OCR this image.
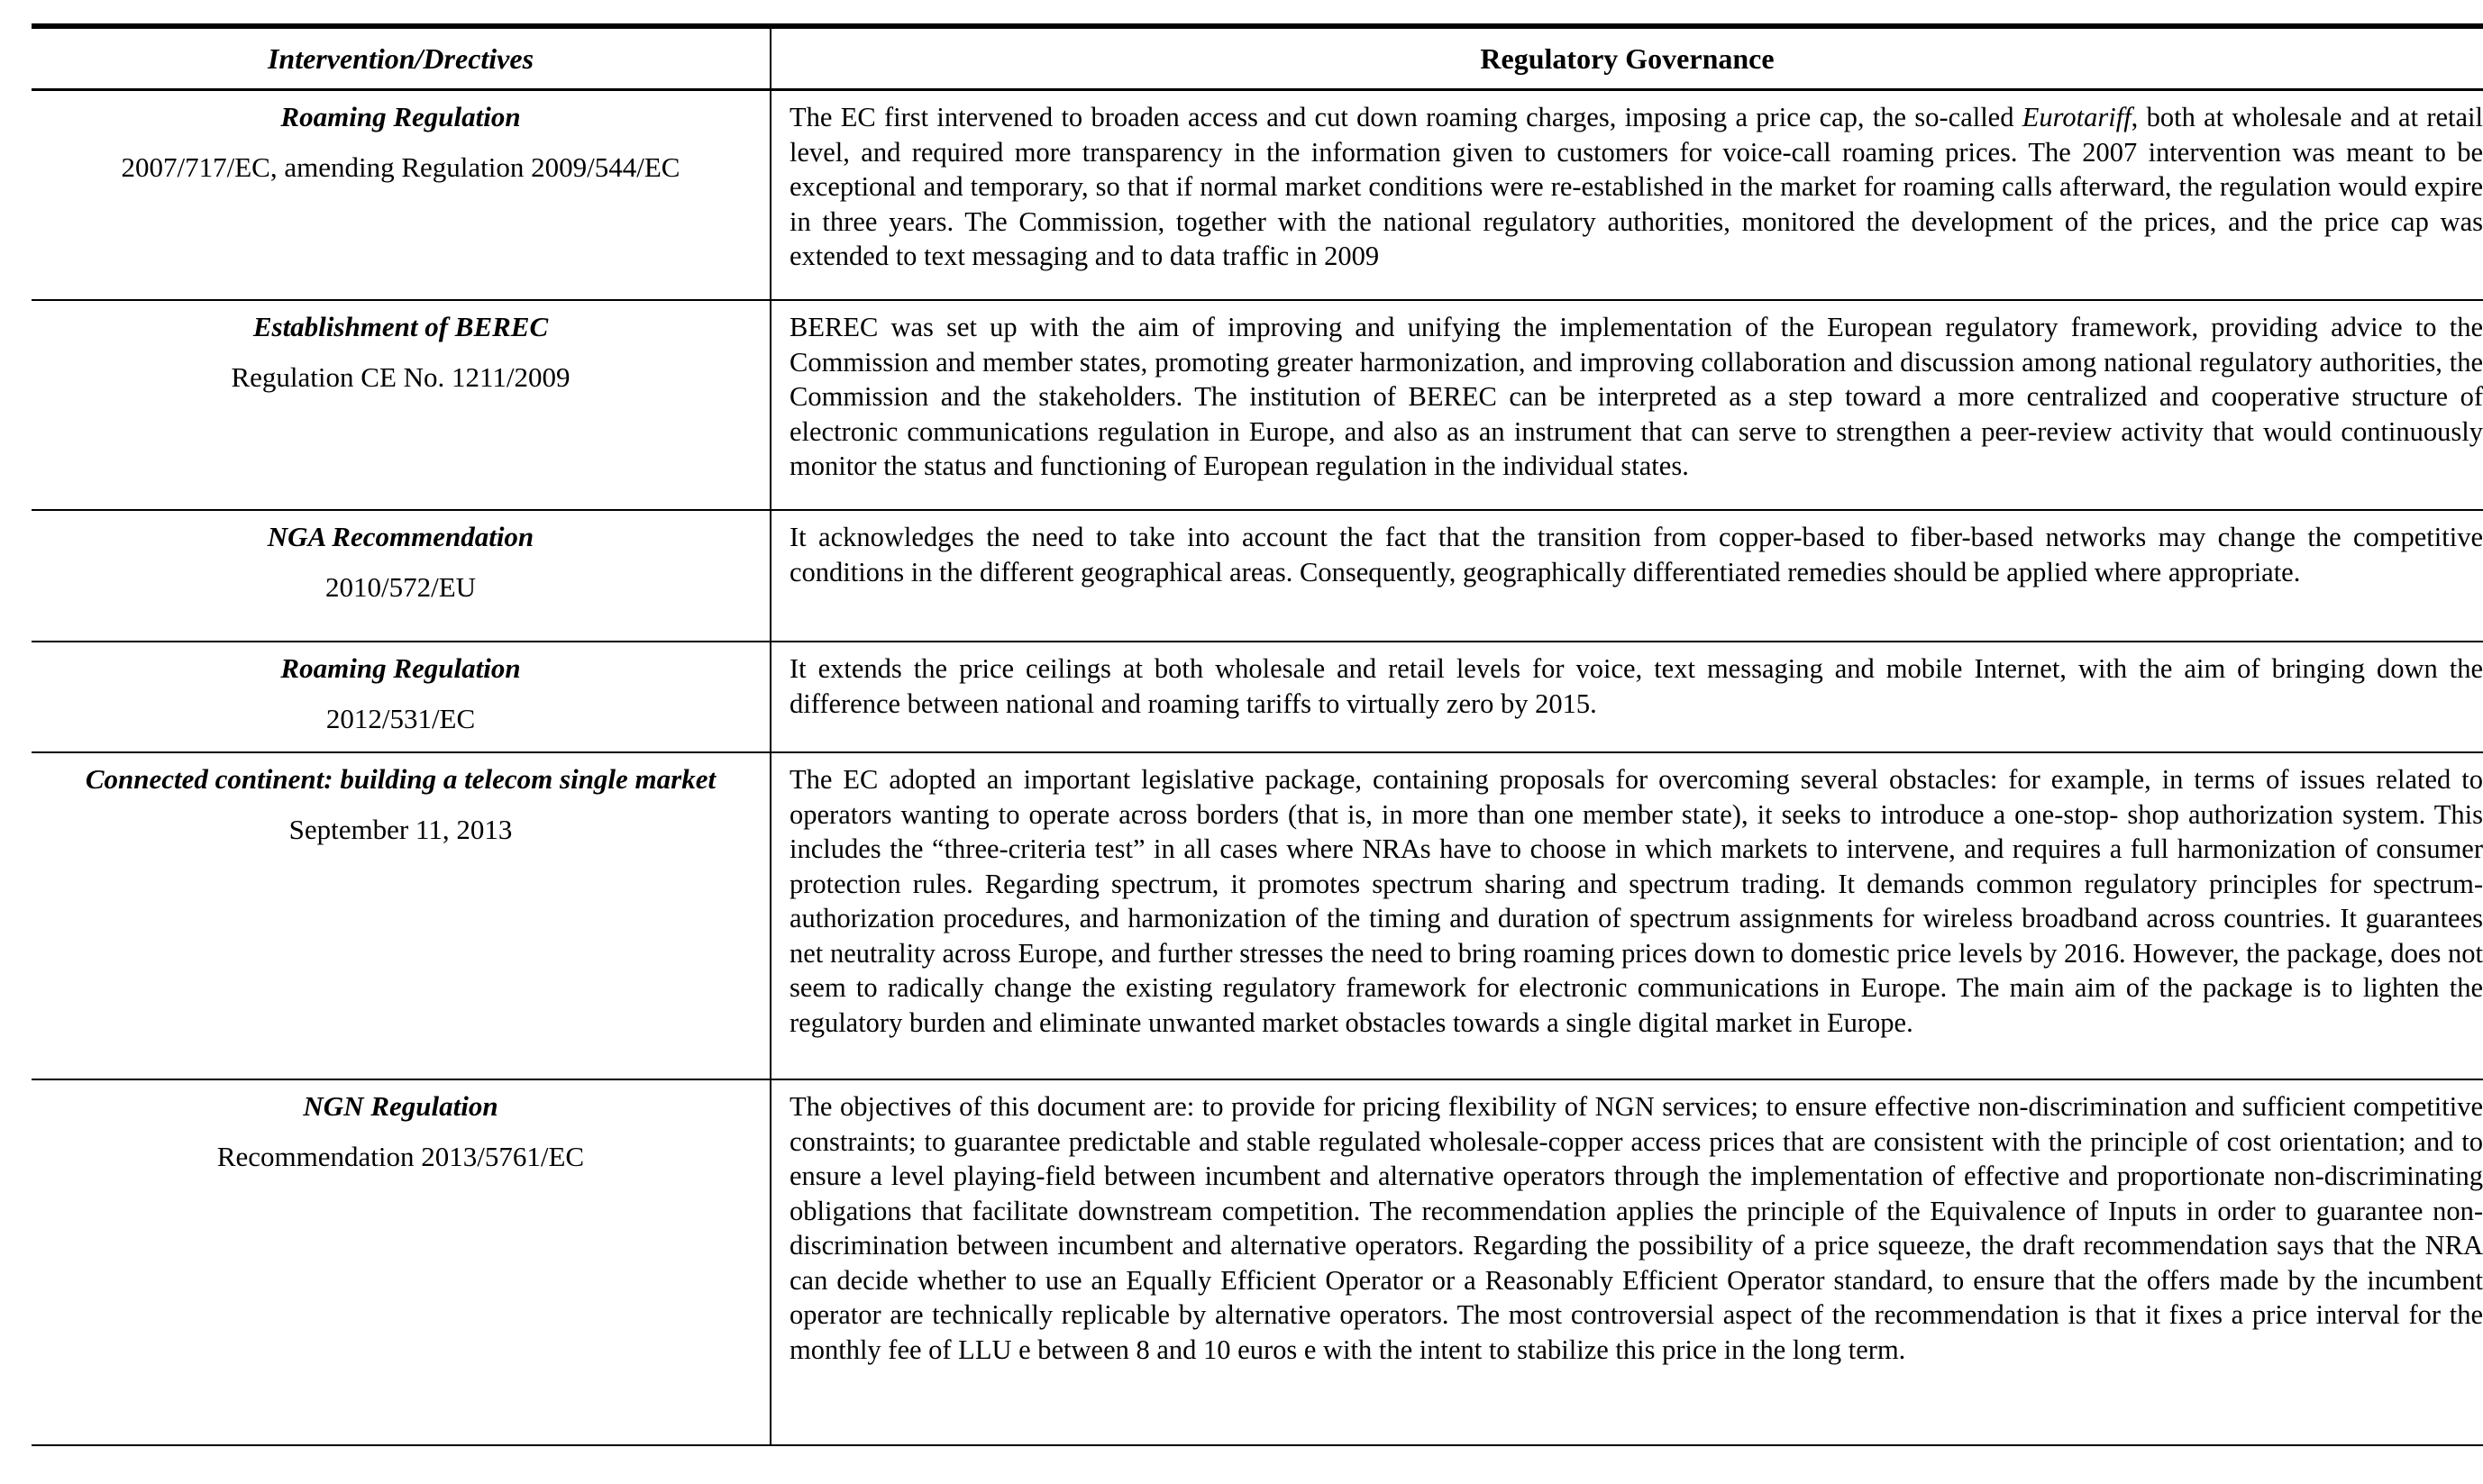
Intervention/Drectives	Regulatory Governance

Roaming Regulation
2007/717/EC, amending Regulation 2009/544/EC	The EC first intervened to broaden access and cut down roaming charges, imposing a price cap, the so-called Eurotariff, both at wholesale and at retail level, and required more transparency in the information given to customers for voice-call roaming prices. The 2007 intervention was meant to be exceptional and temporary, so that if normal market conditions were re-established in the market for roaming calls afterward, the regulation would expire in three years. The Commission, together with the national regulatory authorities, monitored the development of the prices, and the price cap was extended to text messaging and to data traffic in 2009

Establishment of BEREC
Regulation CE No. 1211/2009	BEREC was set up with the aim of improving and unifying the implementation of the European regulatory framework, providing advice to the Commission and member states, promoting greater harmonization, and improving collaboration and discussion among national regulatory authorities, the Commission and the stakeholders. The institution of BEREC can be interpreted as a step toward a more centralized and cooperative structure of electronic communications regulation in Europe, and also as an instrument that can serve to strengthen a peer-review activity that would continuously monitor the status and functioning of European regulation in the individual states.

NGA Recommendation
2010/572/EU	It acknowledges the need to take into account the fact that the transition from copper-based to fiber-based networks may change the competitive conditions in the different geographical areas. Consequently, geographically differentiated remedies should be applied where appropriate.

Roaming Regulation
2012/531/EC	It extends the price ceilings at both wholesale and retail levels for voice, text messaging and mobile Internet, with the aim of bringing down the difference between national and roaming tariffs to virtually zero by 2015.

Connected continent: building a telecom single market
September 11, 2013	The EC adopted an important legislative package, containing proposals for overcoming several obstacles: for example, in terms of issues related to operators wanting to operate across borders (that is, in more than one member state), it seeks to introduce a one-stop- shop authorization system. This includes the “three-criteria test” in all cases where NRAs have to choose in which markets to intervene, and requires a full harmonization of consumer protection rules. Regarding spectrum, it promotes spectrum sharing and spectrum trading. It demands common regulatory principles for spectrum-authorization procedures, and harmonization of the timing and duration of spectrum assignments for wireless broadband across countries. It guarantees net neutrality across Europe, and further stresses the need to bring roaming prices down to domestic price levels by 2016. However, the package, does not seem to radically change the existing regulatory framework for electronic communications in Europe. The main aim of the package is to lighten the regulatory burden and eliminate unwanted market obstacles towards a single digital market in Europe.

NGN Regulation
Recommendation 2013/5761/EC	The objectives of this document are: to provide for pricing flexibility of NGN services; to ensure effective non-discrimination and sufficient competitive constraints; to guarantee predictable and stable regulated wholesale-copper access prices that are consistent with the principle of cost orientation; and to ensure a level playing-field between incumbent and alternative operators through the implementation of effective and proportionate non-discriminating obligations that facilitate downstream competition. The recommendation applies the principle of the Equivalence of Inputs in order to guarantee non-discrimination between incumbent and alternative operators. Regarding the possibility of a price squeeze, the draft recommendation says that the NRA can decide whether to use an Equally Efficient Operator or a Reasonably Efficient Operator standard, to ensure that the offers made by the incumbent operator are technically replicable by alternative operators. The most controversial aspect of the recommendation is that it fixes a price interval for the monthly fee of LLU e between 8 and 10 euros e with the intent to stabilize this price in the long term.
